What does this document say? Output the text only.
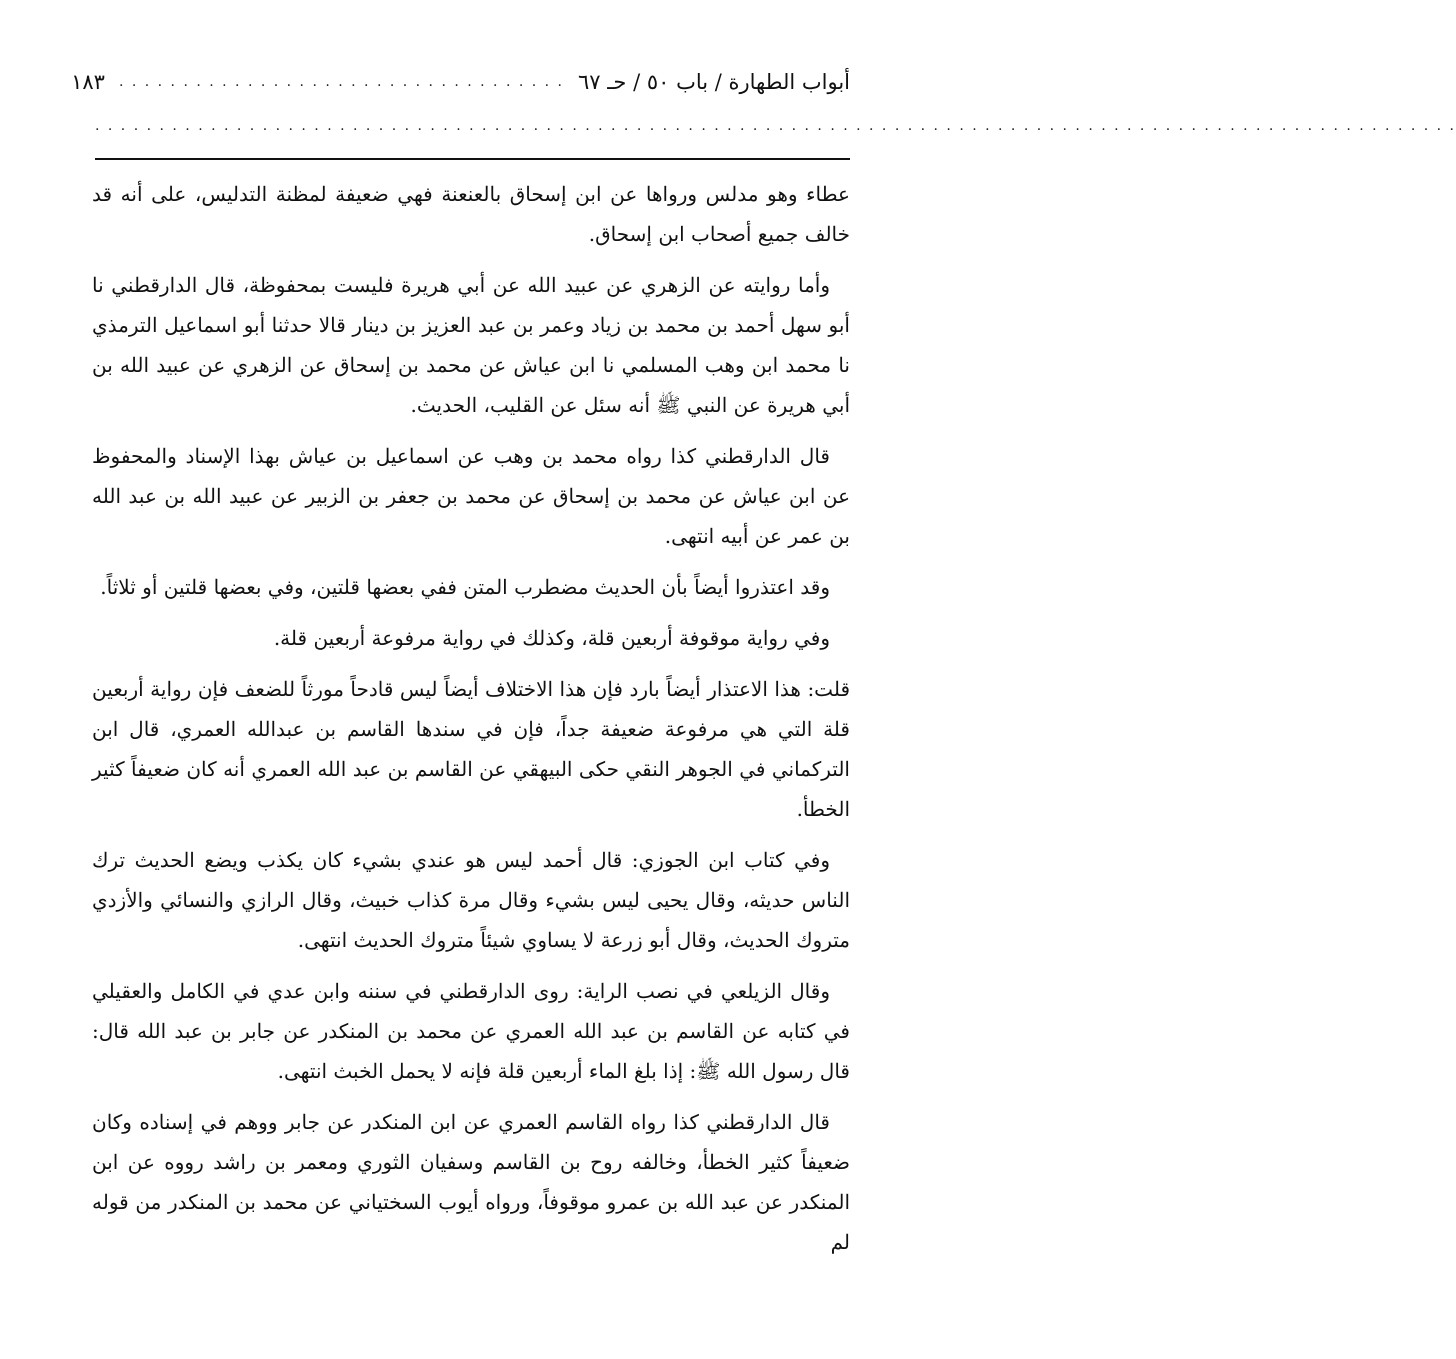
أبواب الطهارة / باب ٥٠ / حـ ٦٧
. . . . . . . . . . . . . . . . . . . . . . . . . . . . . . . . . . .
١٨٣
. . . . . . . . . . . . . . . . . . . . . . . . . . . . . . . . . . . . . . . . . . . . . . . . . . . . . . . . . . . . . . . . . . . . . . . . . . . . . . . . . . . . . . . . . . . . . . . . . . . . . . . . . .

عطاء وهو مدلس ورواها عن ابن إسحاق بالعنعنة فهي ضعيفة لمظنة التدليس، على أنه قد خالف جميع أصحاب ابن إسحاق.

وأما روايته عن الزهري عن عبيد الله عن أبي هريرة فليست بمحفوظة، قال الدارقطني نا أبو سهل أحمد بن محمد بن زياد وعمر بن عبد العزيز بن دينار قالا حدثنا أبو اسماعيل الترمذي نا محمد ابن وهب المسلمي نا ابن عياش عن محمد بن إسحاق عن الزهري عن عبيد الله بن أبي هريرة عن النبي ﷺ أنه سئل عن القليب، الحديث.

قال الدارقطني كذا رواه محمد بن وهب عن اسماعيل بن عياش بهذا الإسناد والمحفوظ عن ابن عياش عن محمد بن إسحاق عن محمد بن جعفر بن الزبير عن عبيد الله بن عبد الله بن عمر عن أبيه انتهى.

وقد اعتذروا أيضاً بأن الحديث مضطرب المتن ففي بعضها قلتين، وفي بعضها قلتين أو ثلاثاً.

وفي رواية موقوفة أربعين قلة، وكذلك في رواية مرفوعة أربعين قلة.

قلت: هذا الاعتذار أيضاً بارد فإن هذا الاختلاف أيضاً ليس قادحاً مورثاً للضعف فإن رواية أربعين قلة التي هي مرفوعة ضعيفة جداً، فإن في سندها القاسم بن عبدالله العمري، قال ابن التركماني في الجوهر النقي حكى البيهقي عن القاسم بن عبد الله العمري أنه كان ضعيفاً كثير الخطأ.

وفي كتاب ابن الجوزي: قال أحمد ليس هو عندي بشيء كان يكذب ويضع الحديث ترك الناس حديثه، وقال يحيى ليس بشيء وقال مرة كذاب خبيث، وقال الرازي والنسائي والأزدي متروك الحديث، وقال أبو زرعة لا يساوي شيئاً متروك الحديث انتهى.

وقال الزيلعي في نصب الراية: روى الدارقطني في سننه وابن عدي في الكامل والعقيلي في كتابه عن القاسم بن عبد الله العمري عن محمد بن المنكدر عن جابر بن عبد الله قال: قال رسول الله ﷺ: إذا بلغ الماء أربعين قلة فإنه لا يحمل الخبث انتهى.

قال الدارقطني كذا رواه القاسم العمري عن ابن المنكدر عن جابر ووهم في إسناده وكان ضعيفاً كثير الخطأ، وخالفه روح بن القاسم وسفيان الثوري ومعمر بن راشد رووه عن ابن المنكدر عن عبد الله بن عمرو موقوفاً، ورواه أيوب السختياني عن محمد بن المنكدر من قوله لم
